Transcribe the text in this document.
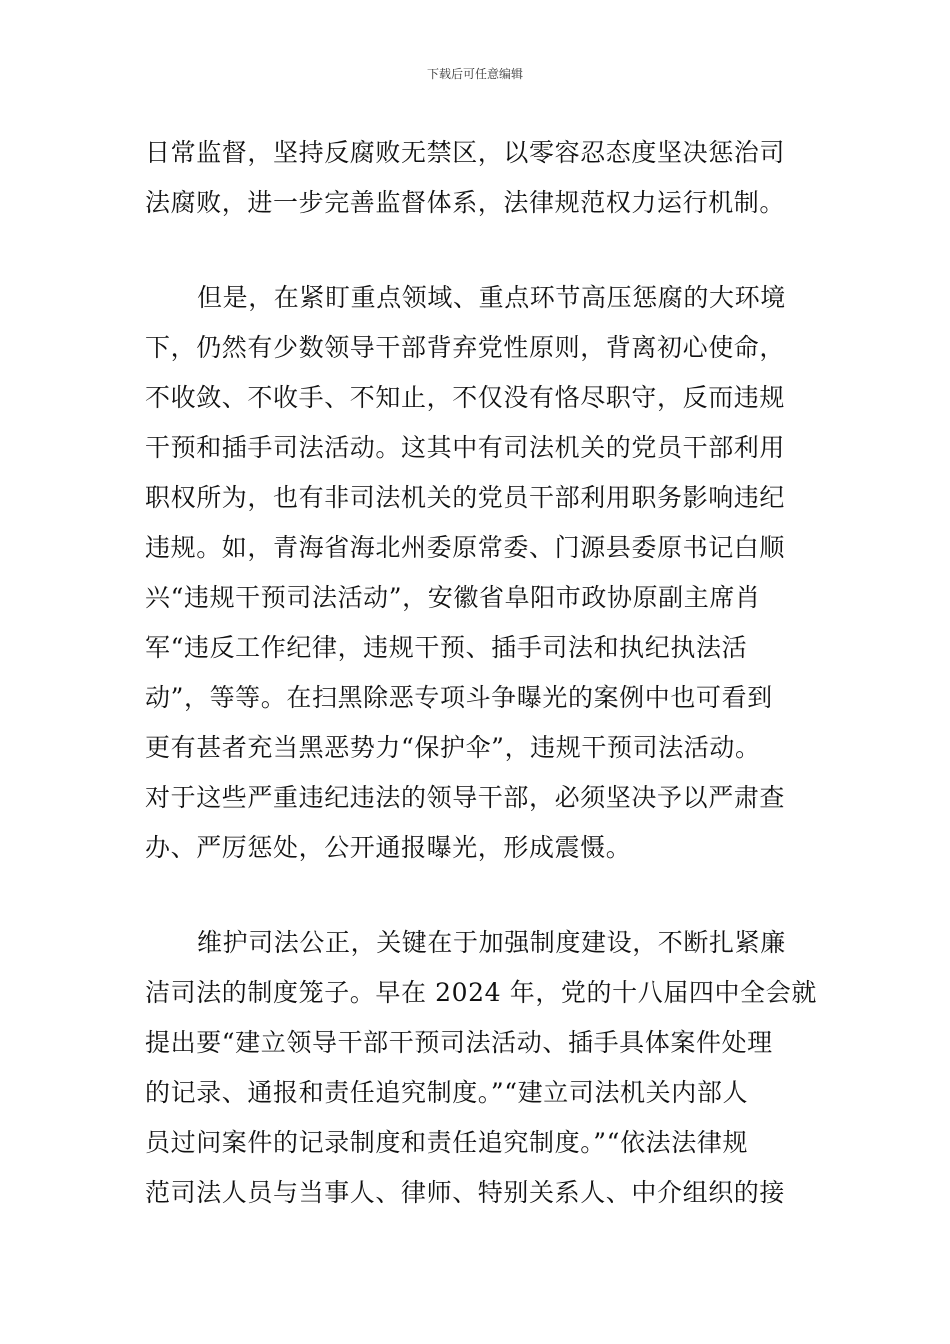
下载后可任意编辑
日常监督，坚持反腐败无禁区，以零容忍态度坚决惩治司
法腐败，进一步完善监督体系，法律规范权力运行机制。
但是，在紧盯重点领域、重点环节高压惩腐的大环境
下，仍然有少数领导干部背弃党性原则，背离初心使命，
不收敛、不收手、不知止，不仅没有恪尽职守，反而违规
干预和插手司法活动。这其中有司法机关的党员干部利用
职权所为，也有非司法机关的党员干部利用职务影响违纪
违规。如，青海省海北州委原常委、门源县委原书记白顺
兴“违规干预司法活动”，安徽省阜阳市政协原副主席肖
军“违反工作纪律，违规干预、插手司法和执纪执法活
动”，等等。在扫黑除恶专项斗争曝光的案例中也可看到
更有甚者充当黑恶势力“保护伞”，违规干预司法活动。
对于这些严重违纪违法的领导干部，必须坚决予以严肃查
办、严厉惩处，公开通报曝光，形成震慑。
维护司法公正，关键在于加强制度建设，不断扎紧廉
洁司法的制度笼子。早在 2024 年，党的十八届四中全会就
提出要“建立领导干部干预司法活动、插手具体案件处理
的记录、通报和责任追究制度。”“建立司法机关内部人
员过问案件的记录制度和责任追究制度。”“依法法律规
范司法人员与当事人、律师、特别关系人、中介组织的接
